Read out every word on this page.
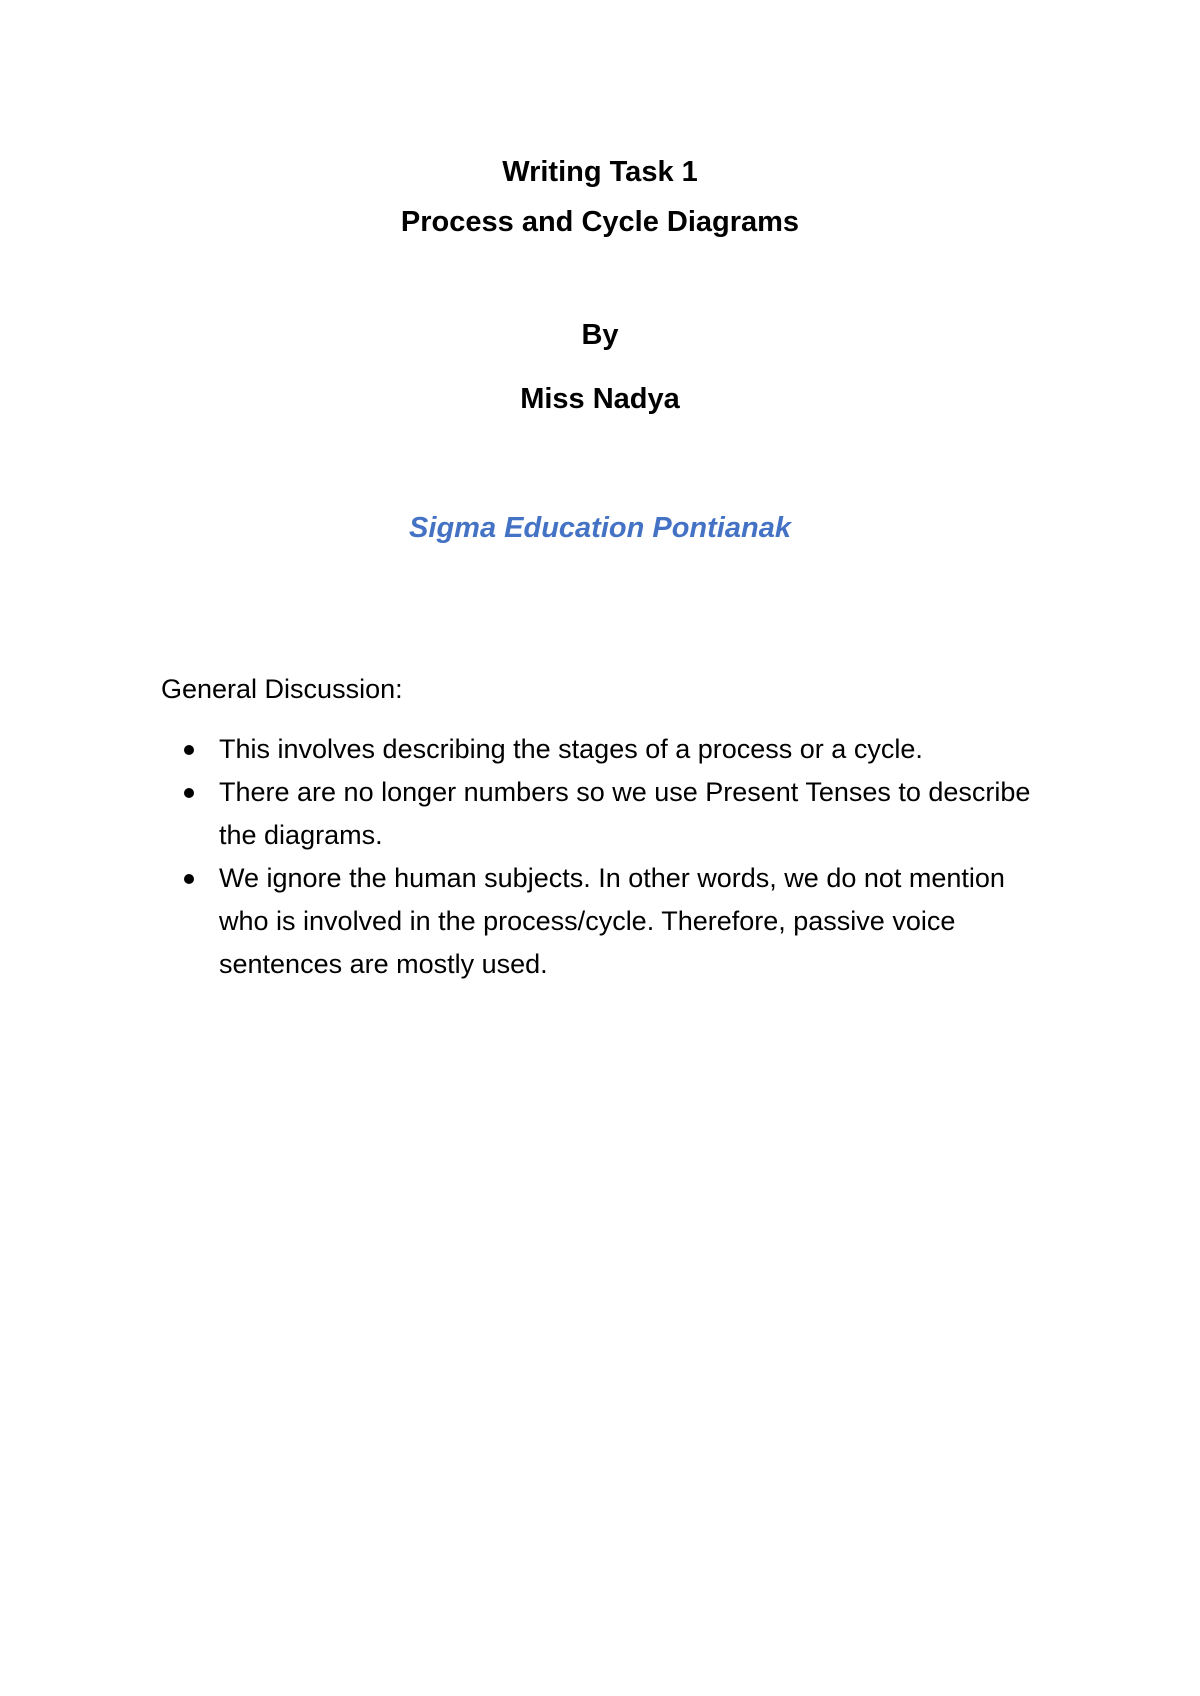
Writing Task 1
Process and Cycle Diagrams
By
Miss Nadya
Sigma Education Pontianak

General Discussion:

This involves describing the stages of a process or a cycle.
There are no longer numbers so we use Present Tenses to describe the diagrams.
We ignore the human subjects. In other words, we do not mention who is involved in the process/cycle. Therefore, passive voice sentences are mostly used.
